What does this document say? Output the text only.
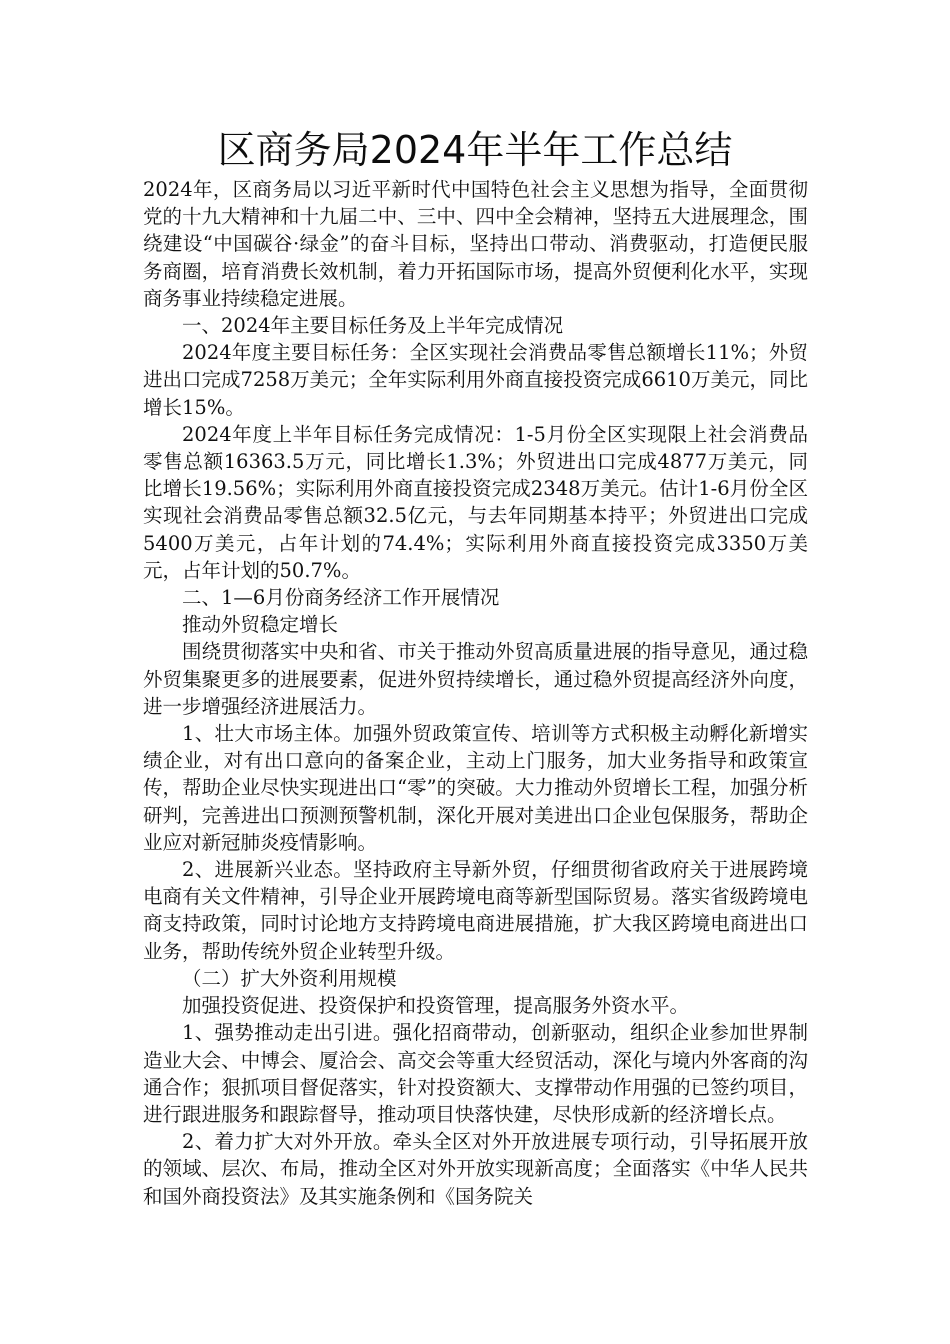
区商务局2024年半年工作总结

2024年，区商务局以习近平新时代中国特色社会主义思想为指导，全面贯彻党的十九大精神和十九届二中、三中、四中全会精神，坚持五大进展理念，围绕建设“中国碳谷·绿金”的奋斗目标，坚持出口带动、消费驱动，打造便民服务商圈，培育消费长效机制，着力开拓国际市场，提高外贸便利化水平，实现商务事业持续稳定进展。

一、2024年主要目标任务及上半年完成情况

2024年度主要目标任务：全区实现社会消费品零售总额增长11%；外贸进出口完成7258万美元；全年实际利用外商直接投资完成6610万美元，同比增长15%。

2024年度上半年目标任务完成情况：1-5月份全区实现限上社会消费品零售总额16363.5万元，同比增长1.3%；外贸进出口完成4877万美元，同比增长19.56%；实际利用外商直接投资完成2348万美元。估计1-6月份全区实现社会消费品零售总额32.5亿元，与去年同期基本持平；外贸进出口完成5400万美元，占年计划的74.4%；实际利用外商直接投资完成3350万美元，占年计划的50.7%。

二、1—6月份商务经济工作开展情况

推动外贸稳定增长

围绕贯彻落实中央和省、市关于推动外贸高质量进展的指导意见，通过稳外贸集聚更多的进展要素，促进外贸持续增长，通过稳外贸提高经济外向度，进一步增强经济进展活力。

1、壮大市场主体。加强外贸政策宣传、培训等方式积极主动孵化新增实绩企业，对有出口意向的备案企业，主动上门服务，加大业务指导和政策宣传，帮助企业尽快实现进出口“零”的突破。大力推动外贸增长工程，加强分析研判，完善进出口预测预警机制，深化开展对美进出口企业包保服务，帮助企业应对新冠肺炎疫情影响。

2、进展新兴业态。坚持政府主导新外贸，仔细贯彻省政府关于进展跨境电商有关文件精神，引导企业开展跨境电商等新型国际贸易。落实省级跨境电商支持政策，同时讨论地方支持跨境电商进展措施，扩大我区跨境电商进出口业务，帮助传统外贸企业转型升级。

（二）扩大外资利用规模

加强投资促进、投资保护和投资管理，提高服务外资水平。

1、强势推动走出引进。强化招商带动，创新驱动，组织企业参加世界制造业大会、中博会、厦洽会、高交会等重大经贸活动，深化与境内外客商的沟通合作；狠抓项目督促落实，针对投资额大、支撑带动作用强的已签约项目，进行跟进服务和跟踪督导，推动项目快落快建，尽快形成新的经济增长点。

2、着力扩大对外开放。牵头全区对外开放进展专项行动，引导拓展开放的领域、层次、布局，推动全区对外开放实现新高度；全面落实《中华人民共和国外商投资法》及其实施条例和《国务院关
